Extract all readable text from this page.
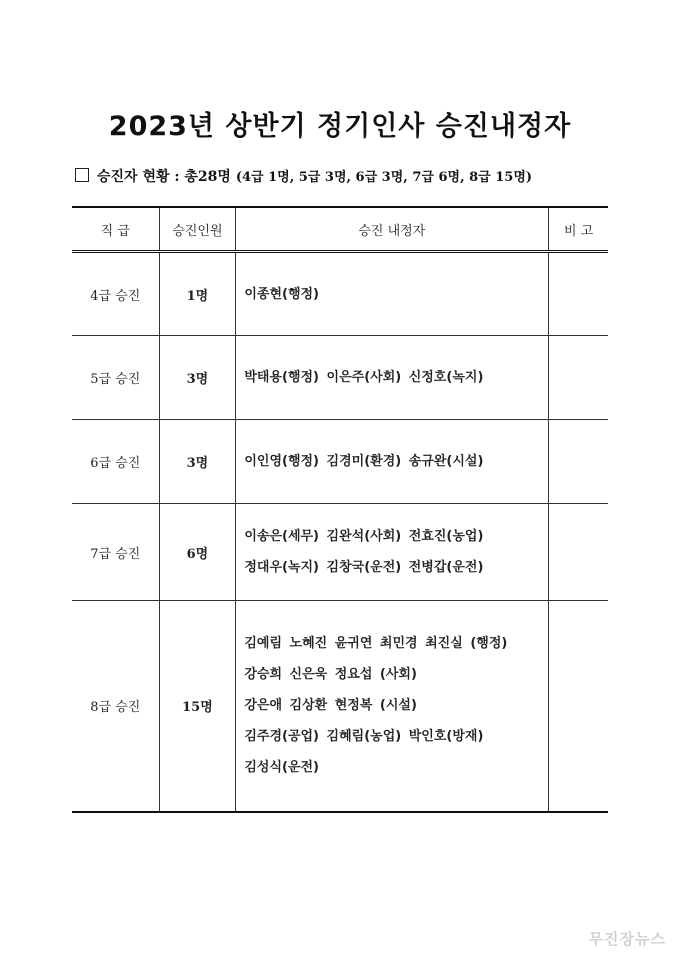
2023년 상반기 정기인사 승진내정자
승진자 현황 : 총28명 (4급 1명, 5급 3명, 6급 3명, 7급 6명, 8급 15명)
직 급	승진인원	승진 내정자	비 고
4급 승진	1명	이종현(행정)	

5급 승진	3명	박태용(행정) 이은주(사회) 신정호(녹지)	

6급 승진	3명	이인영(행정) 김경미(환경) 송규완(시설)	

7급 승진	6명	이송은(세무) 김완석(사회) 전효진(농업)
정대우(녹지) 김창국(운전) 전병갑(운전)	

8급 승진	15명	김예림 노혜진 윤귀연 최민경 최진실 (행정)
강승희 신은욱 정요섭 (사회)
강은애 김상환 현정복 (시설)
김주경(공업) 김혜림(농업) 박인호(방재)
김성식(운전)	

무진장뉴스
